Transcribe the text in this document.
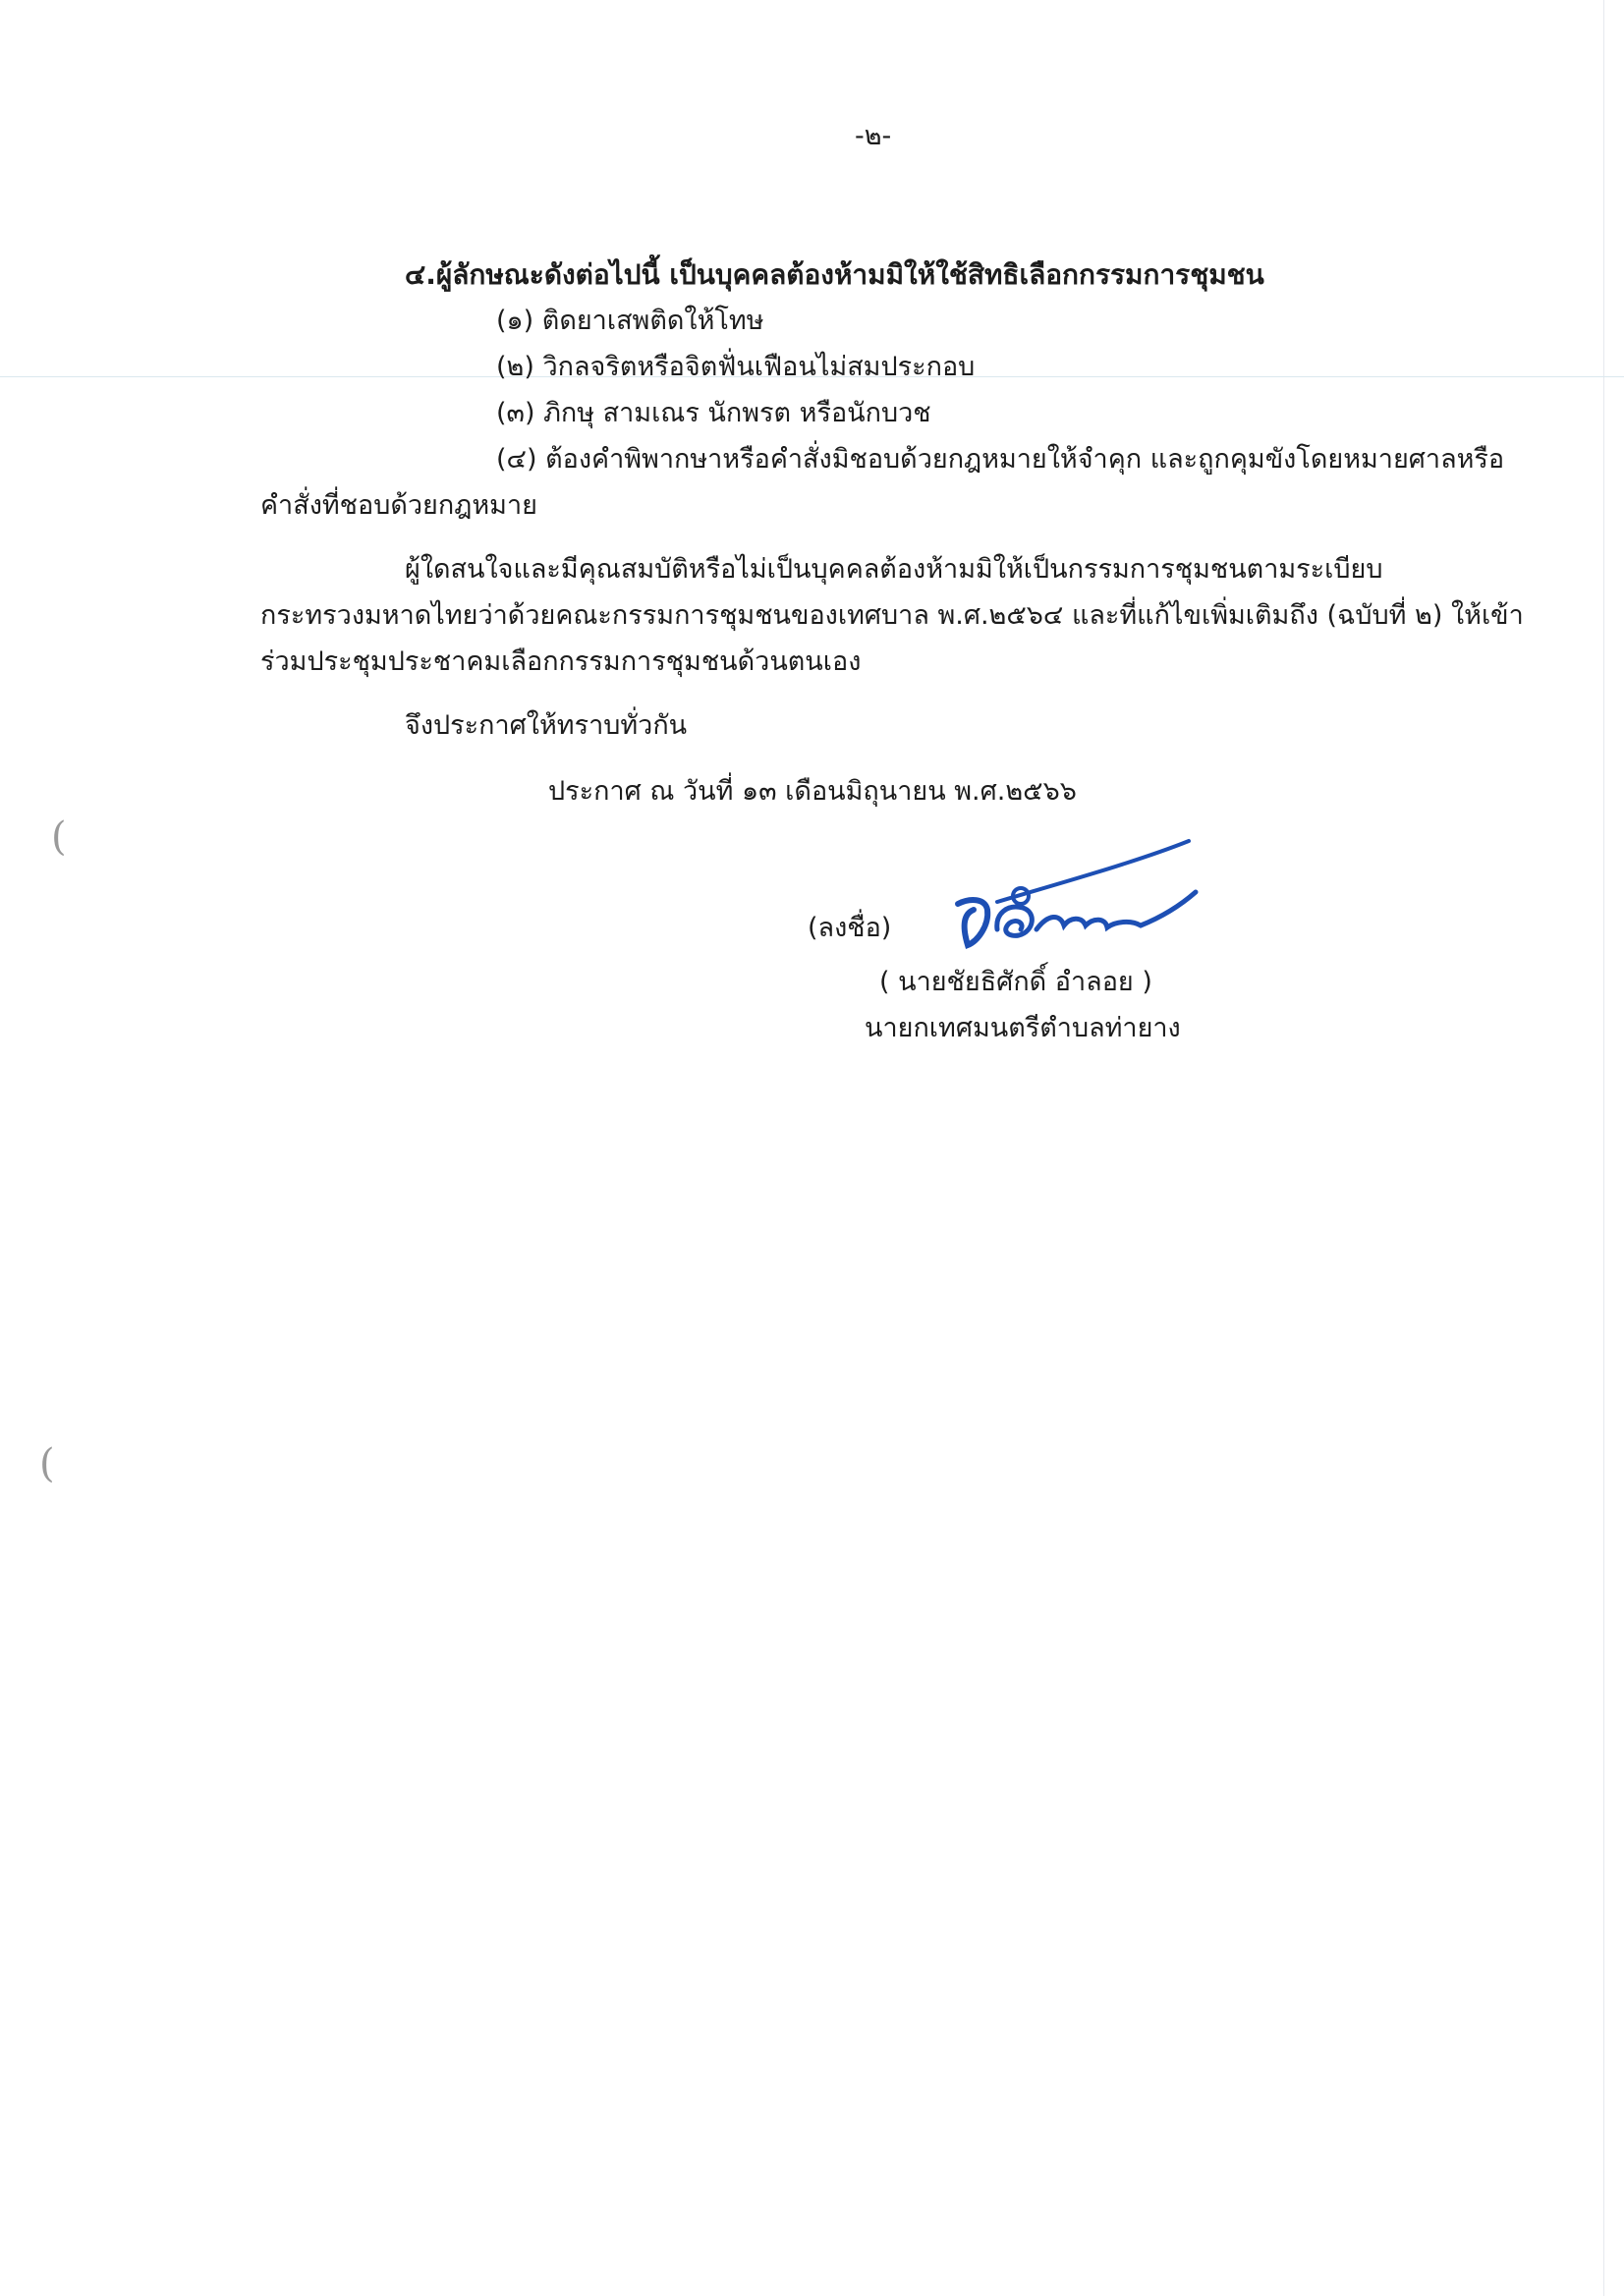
(
(
-๒-
๔.ผู้ลักษณะดังต่อไปนี้ เป็นบุคคลต้องห้ามมิให้ใช้สิทธิเลือกกรรมการชุมชน
(๑) ติดยาเสพติดให้โทษ
(๒) วิกลจริตหรือจิตฟั่นเฟือนไม่สมประกอบ
(๓) ภิกษุ สามเณร นักพรต หรือนักบวช
(๔) ต้องคำพิพากษาหรือคำสั่งมิชอบด้วยกฎหมายให้จำคุก และถูกคุมขังโดยหมายศาลหรือ
คำสั่งที่ชอบด้วยกฎหมาย
ผู้ใดสนใจและมีคุณสมบัติหรือไม่เป็นบุคคลต้องห้ามมิให้เป็นกรรมการชุมชนตามระเบียบ
กระทรวงมหาดไทยว่าด้วยคณะกรรมการชุมชนของเทศบาล พ.ศ.๒๕๖๔ และที่แก้ไขเพิ่มเติมถึง (ฉบับที่ ๒) ให้เข้า
ร่วมประชุมประชาคมเลือกกรรมการชุมชนด้วนตนเอง
จึงประกาศให้ทราบทั่วกัน
ประกาศ ณ วันที่ ๑๓ เดือนมิถุนายน พ.ศ.๒๕๖๖
(ลงชื่อ)
( นายชัยธิศักดิ์ อำลอย )
นายกเทศมนตรีตำบลท่ายาง
